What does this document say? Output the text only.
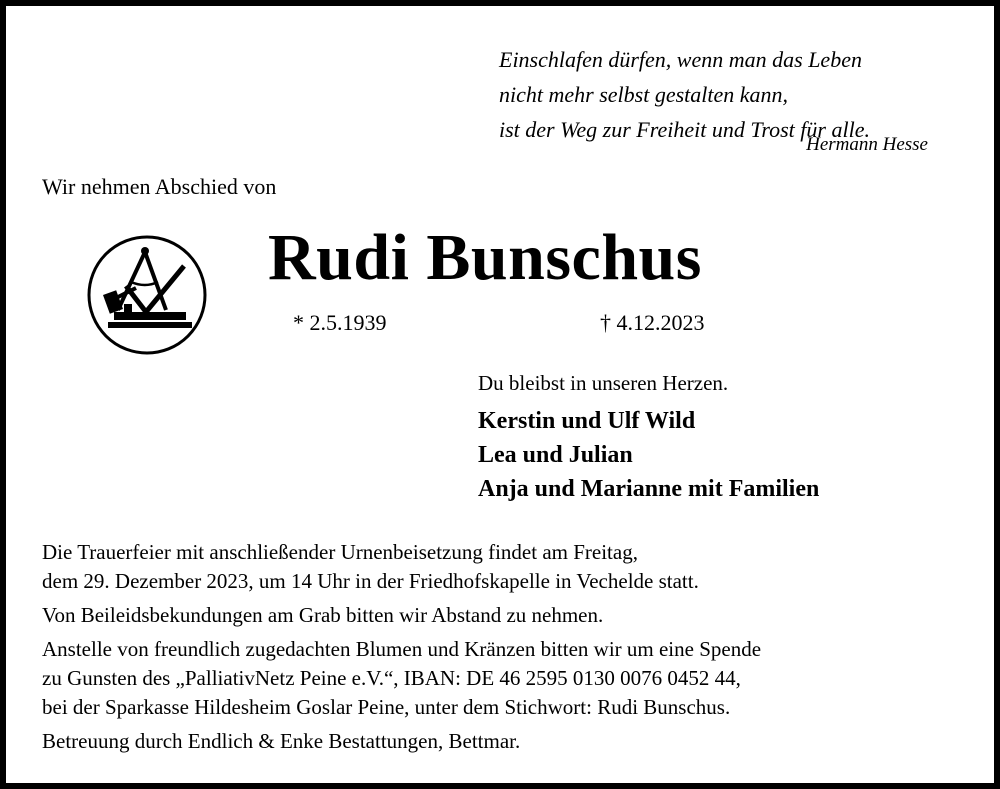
Einschlafen dürfen, wenn man das Leben
nicht mehr selbst gestalten kann,
ist der Weg zur Freiheit und Trost für alle.
Hermann Hesse
Wir nehmen Abschied von
Rudi Bunschus
* 2.5.1939	† 4.12.2023
Du bleibst in unseren Herzen.
Kerstin und Ulf Wild
Lea und Julian
Anja und Marianne mit Familien

Die Trauerfeier mit anschließender Urnenbeisetzung findet am Freitag,
dem 29. Dezember 2023, um 14 Uhr in der Friedhofskapelle in Vechelde statt.

Von Beileidsbekundungen am Grab bitten wir Abstand zu nehmen.

Anstelle von freundlich zugedachten Blumen und Kränzen bitten wir um eine Spende
zu Gunsten des „PalliativNetz Peine e.V.“, IBAN: DE 46 2595 0130 0076 0452 44,
bei der Sparkasse Hildesheim Goslar Peine, unter dem Stichwort: Rudi Bunschus.

Betreuung durch Endlich & Enke Bestattungen, Bettmar.
